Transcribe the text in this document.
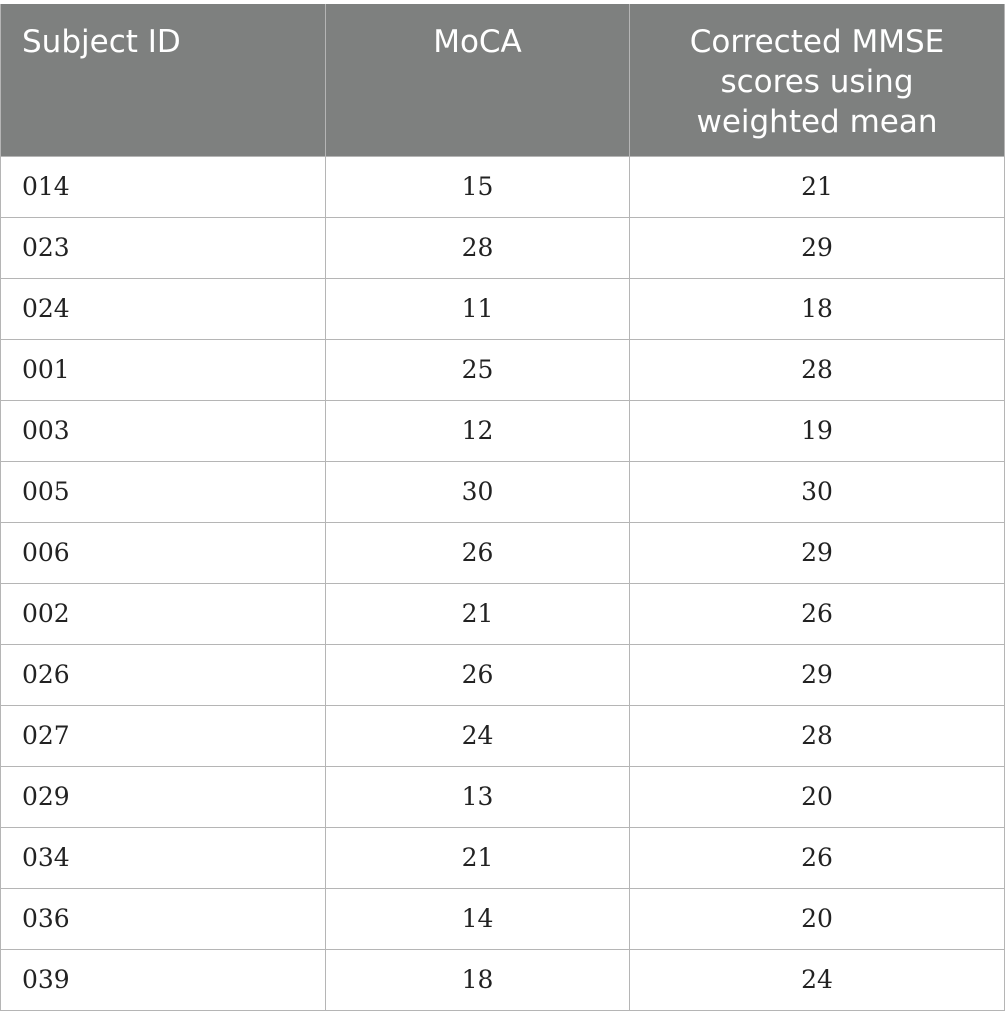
Subject ID	MoCA	Corrected MMSE scores using weighted mean
014	15	21
023	28	29
024	11	18
001	25	28
003	12	19
005	30	30
006	26	29
002	21	26
026	26	29
027	24	28
029	13	20
034	21	26
036	14	20
039	18	24
